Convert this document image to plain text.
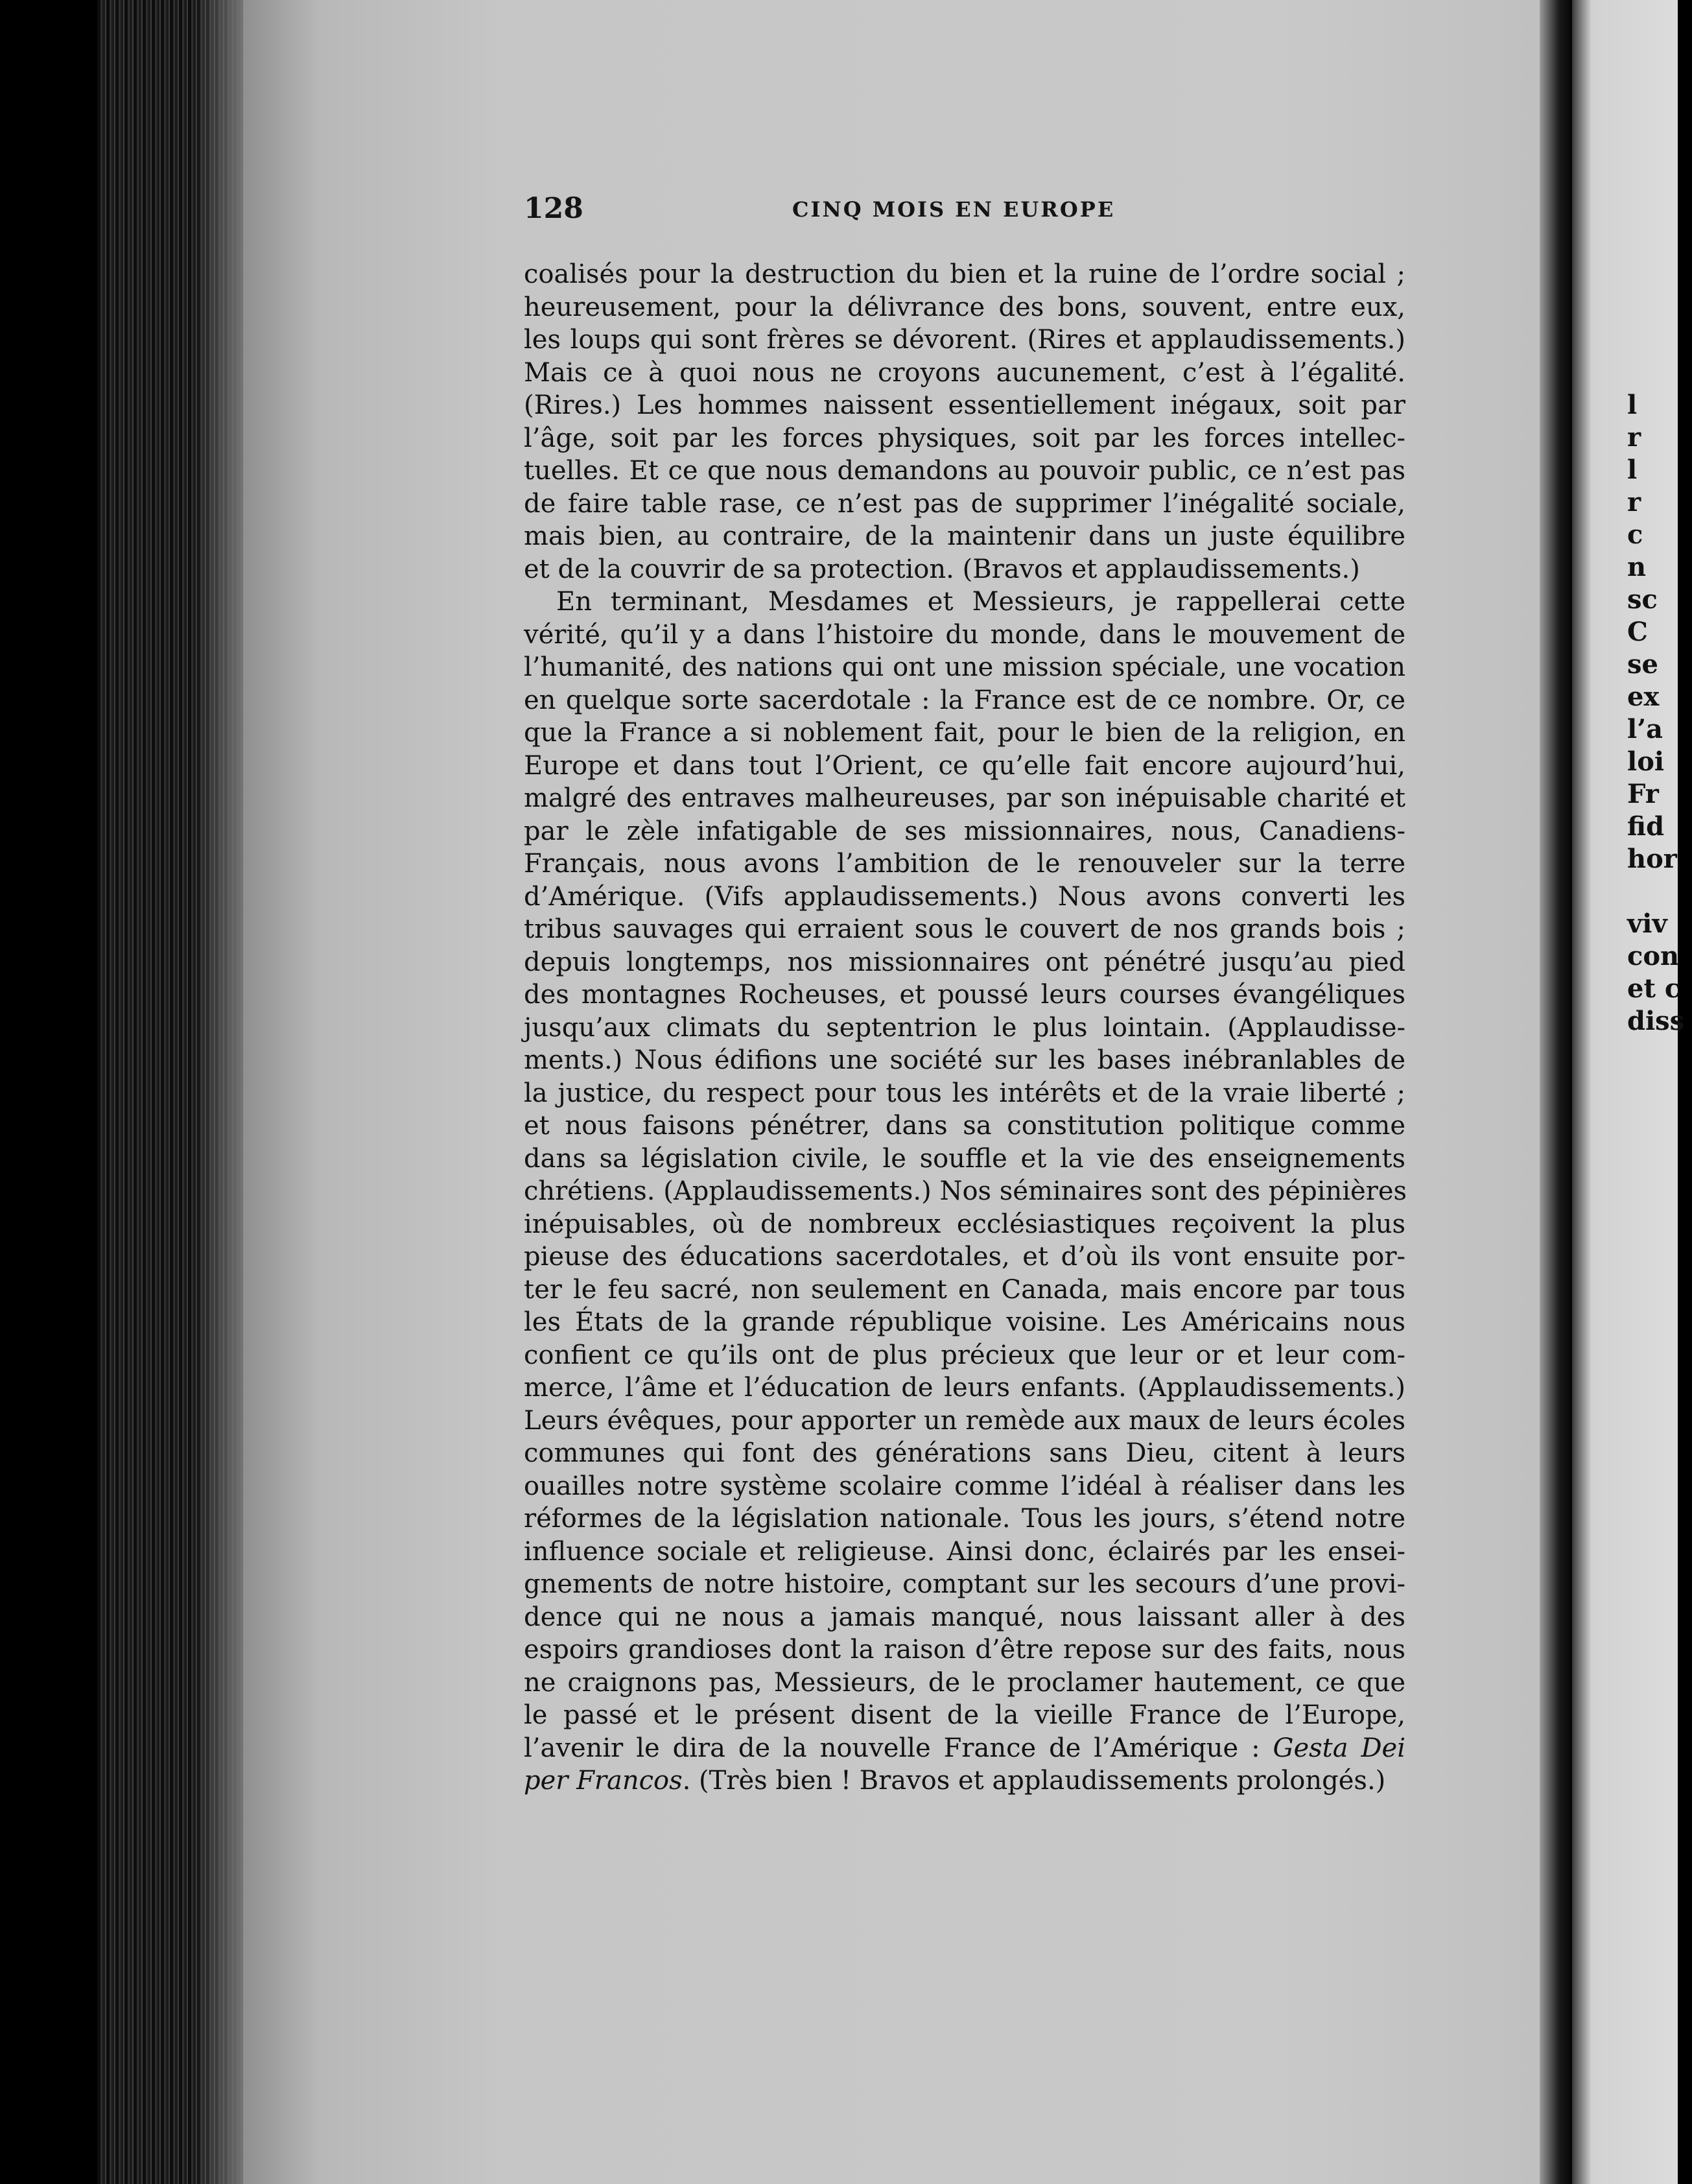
128	CINQ MOIS EN EUROPE
coalisés pour la destruction du bien et la ruine de l’ordre social ;
heureusement, pour la délivrance des bons, souvent, entre eux,
les loups qui sont frères se dévorent. (Rires et applaudissements.)
Mais ce à quoi nous ne croyons aucunement, c’est à l’égalité.
(Rires.) Les hommes naissent essentiellement inégaux, soit par
l’âge, soit par les forces physiques, soit par les forces intellec-
tuelles. Et ce que nous demandons au pouvoir public, ce n’est pas
de faire table rase, ce n’est pas de supprimer l’inégalité sociale,
mais bien, au contraire, de la maintenir dans un juste équilibre
et de la couvrir de sa protection. (Bravos et applaudissements.)
En terminant, Mesdames et Messieurs, je rappellerai cette
vérité, qu’il y a dans l’histoire du monde, dans le mouvement de
l’humanité, des nations qui ont une mission spéciale, une vocation
en quelque sorte sacerdotale : la France est de ce nombre. Or, ce
que la France a si noblement fait, pour le bien de la religion, en
Europe et dans tout l’Orient, ce qu’elle fait encore aujourd’hui,
malgré des entraves malheureuses, par son inépuisable charité et
par le zèle infatigable de ses missionnaires, nous, Canadiens-
Français, nous avons l’ambition de le renouveler sur la terre
d’Amérique. (Vifs applaudissements.) Nous avons converti les
tribus sauvages qui erraient sous le couvert de nos grands bois ;
depuis longtemps, nos missionnaires ont pénétré jusqu’au pied
des montagnes Rocheuses, et poussé leurs courses évangéliques
jusqu’aux climats du septentrion le plus lointain. (Applaudisse-
ments.) Nous édifions une société sur les bases inébranlables de
la justice, du respect pour tous les intérêts et de la vraie liberté ;
et nous faisons pénétrer, dans sa constitution politique comme
dans sa législation civile, le souffle et la vie des enseignements
chrétiens. (Applaudissements.) Nos séminaires sont des pépinières
inépuisables, où de nombreux ecclésiastiques reçoivent la plus
pieuse des éducations sacerdotales, et d’où ils vont ensuite por-
ter le feu sacré, non seulement en Canada, mais encore par tous
les États de la grande république voisine. Les Américains nous
confient ce qu’ils ont de plus précieux que leur or et leur com-
merce, l’âme et l’éducation de leurs enfants. (Applaudissements.)
Leurs évêques, pour apporter un remède aux maux de leurs écoles
communes qui font des générations sans Dieu, citent à leurs
ouailles notre système scolaire comme l’idéal à réaliser dans les
réformes de la législation nationale. Tous les jours, s’étend notre
influence sociale et religieuse. Ainsi donc, éclairés par les ensei-
gnements de notre histoire, comptant sur les secours d’une provi-
dence qui ne nous a jamais manqué, nous laissant aller à des
espoirs grandioses dont la raison d’être repose sur des faits, nous
ne craignons pas, Messieurs, de le proclamer hautement, ce que
le passé et le présent disent de la vieille France de l’Europe,
l’avenir le dira de la nouvelle France de l’Amérique : Gesta Dei
per Francos. (Très bien ! Bravos et applaudissements prolongés.)
l
r
l
r
c
n
sc
C
se
ex
l’a
loi
Fr
fid
hor

viv
con
et c
diss
